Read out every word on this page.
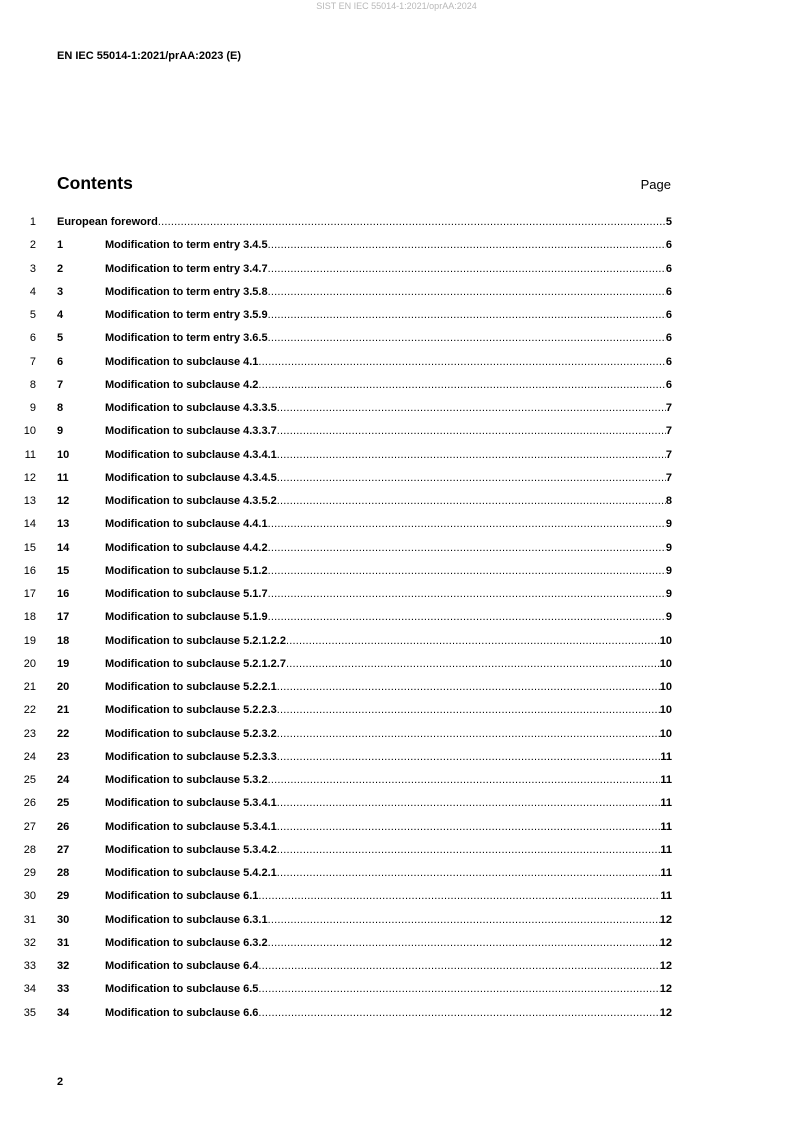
SIST EN IEC 55014-1:2021/oprAA:2024
EN IEC 55014-1:2021/prAA:2023 (E)
Contents	Page
1 European foreword .....	5
2 1	Modification to term entry 3.4.5 .....	6
3 2	Modification to term entry 3.4.7 .....	6
4 3	Modification to term entry 3.5.8 .....	6
5 4	Modification to term entry 3.5.9 .....	6
6 5	Modification to term entry 3.6.5 .....	6
7 6	Modification to subclause 4.1 .....	6
8 7	Modification to subclause 4.2 .....	6
9 8	Modification to subclause 4.3.3.5 .....	7
10 9	Modification to subclause 4.3.3.7 .....	7
11 10	Modification to subclause 4.3.4.1 .....	7
12 11	Modification to subclause 4.3.4.5 .....	7
13 12	Modification to subclause 4.3.5.2 .....	8
14 13	Modification to subclause 4.4.1 .....	9
15 14	Modification to subclause 4.4.2 .....	9
16 15	Modification to subclause 5.1.2 .....	9
17 16	Modification to subclause 5.1.7 .....	9
18 17	Modification to subclause 5.1.9 .....	9
19 18	Modification to subclause 5.2.1.2.2 .....	10
20 19	Modification to subclause 5.2.1.2.7 .....	10
21 20	Modification to subclause 5.2.2.1 .....	10
22 21	Modification to subclause 5.2.2.3 .....	10
23 22	Modification to subclause 5.2.3.2 .....	10
24 23	Modification to subclause 5.2.3.3 .....	11
25 24	Modification to subclause 5.3.2 .....	11
26 25	Modification to subclause 5.3.4.1 .....	11
27 26	Modification to subclause 5.3.4.1 .....	11
28 27	Modification to subclause 5.3.4.2 .....	11
29 28	Modification to subclause 5.4.2.1 .....	11
30 29	Modification to subclause 6.1 .....	11
31 30	Modification to subclause 6.3.1 .....	12
32 31	Modification to subclause 6.3.2 .....	12
33 32	Modification to subclause 6.4 .....	12
34 33	Modification to subclause 6.5 .....	12
35 34	Modification to subclause 6.6 .....	12
2
